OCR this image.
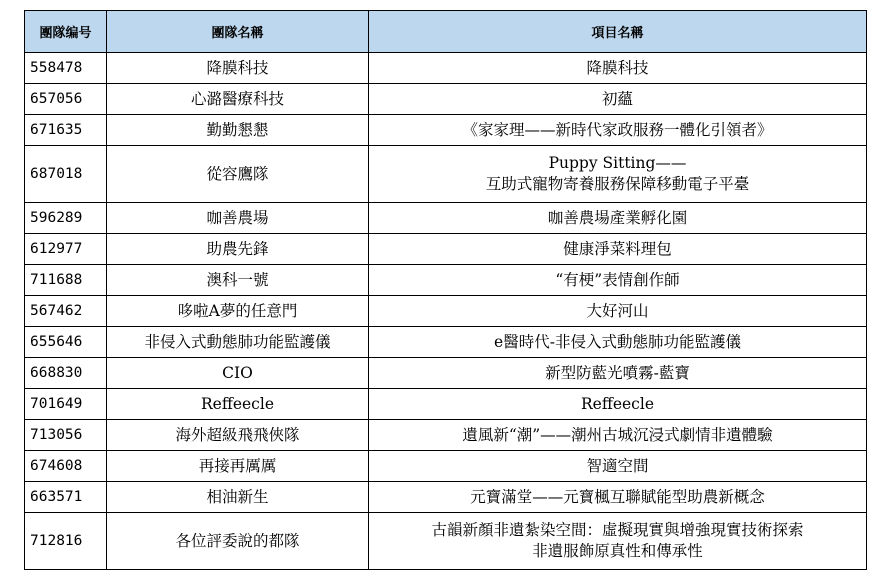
團隊编号	團隊名稱	項目名稱
558478	降膜科技	降膜科技

657056	心潞醫療科技	初蘊

671635	勤勤懇懇	《家家理——新時代家政服務一體化引領者》

687018	從容鷹隊	Puppy Sitting——
互助式寵物寄養服務保障移動電子平臺

596289	咖善農場	咖善農場產業孵化園

612977	助農先鋒	健康淨菜料理包

711688	澳科一號	“有梗”表情創作師

567462	哆啦A夢的任意門	大好河山

655646	非侵入式動態肺功能監護儀	e醫時代-非侵入式動態肺功能監護儀

668830	CIO	新型防藍光噴霧-藍寶

701649	Reffeecle	Reffeecle

713056	海外超級飛飛俠隊	遺風新“潮”——潮州古城沉浸式劇情非遺體驗

674608	再接再厲厲	智適空間

663571	相油新生	元寶滿堂——元寶楓互聯賦能型助農新概念

712816	各位評委說的都隊	古韻新顏非遺紮染空間：虛擬現實與增強現實技術探索
非遺服飾原真性和傳承性
